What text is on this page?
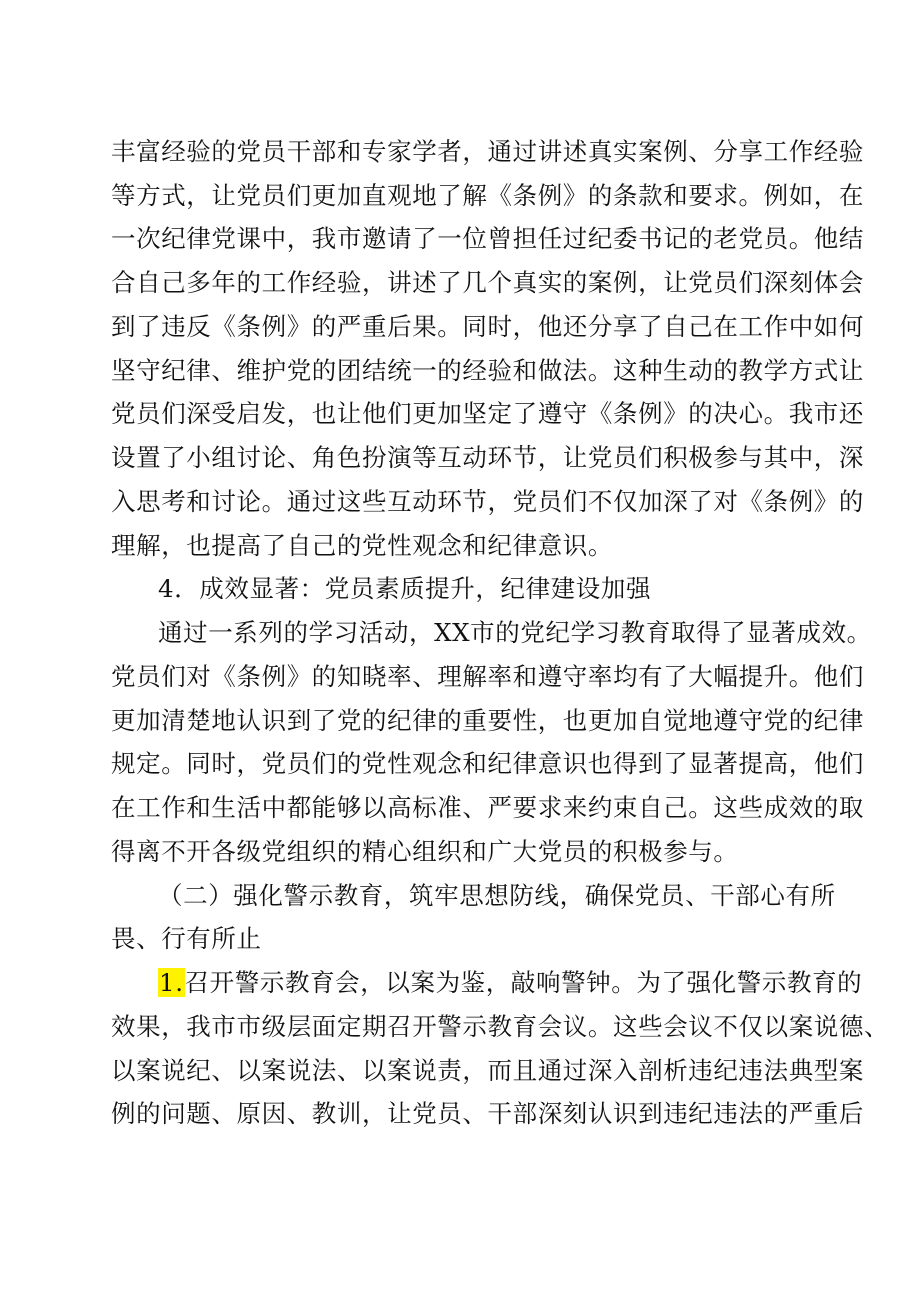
丰富经验的党员干部和专家学者，通过讲述真实案例、分享工作经验
等方式，让党员们更加直观地了解《条例》的条款和要求。例如，在
一次纪律党课中，我市邀请了一位曾担任过纪委书记的老党员。他结
合自己多年的工作经验，讲述了几个真实的案例，让党员们深刻体会
到了违反《条例》的严重后果。同时，他还分享了自己在工作中如何
坚守纪律、维护党的团结统一的经验和做法。这种生动的教学方式让
党员们深受启发，也让他们更加坚定了遵守《条例》的决心。我市还
设置了小组讨论、角色扮演等互动环节，让党员们积极参与其中，深
入思考和讨论。通过这些互动环节，党员们不仅加深了对《条例》的
理解，也提高了自己的党性观念和纪律意识。
4．成效显著：党员素质提升，纪律建设加强
通过一系列的学习活动，XX市的党纪学习教育取得了显著成效。
党员们对《条例》的知晓率、理解率和遵守率均有了大幅提升。他们
更加清楚地认识到了党的纪律的重要性，也更加自觉地遵守党的纪律
规定。同时，党员们的党性观念和纪律意识也得到了显著提高，他们
在工作和生活中都能够以高标准、严要求来约束自己。这些成效的取
得离不开各级党组织的精心组织和广大党员的积极参与。
（二）强化警示教育，筑牢思想防线，确保党员、干部心有所
畏、行有所止
1.召开警示教育会，以案为鉴，敲响警钟。为了强化警示教育的
效果，我市市级层面定期召开警示教育会议。这些会议不仅以案说德、
以案说纪、以案说法、以案说责，而且通过深入剖析违纪违法典型案
例的问题、原因、教训，让党员、干部深刻认识到违纪违法的严重后
